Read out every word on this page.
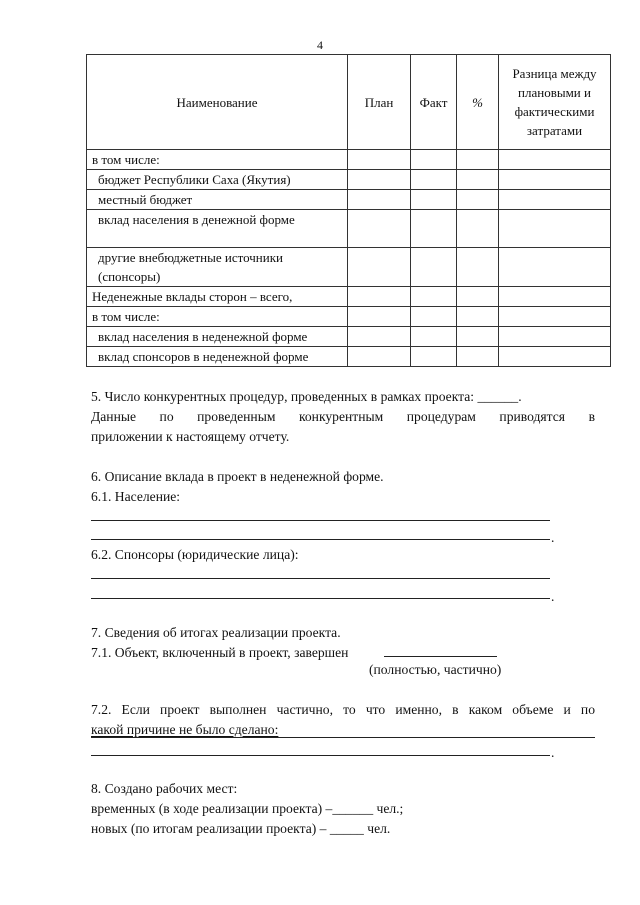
4
Наименование	План	Факт	%	Разница между плановыми и фактическими затратами
в том числе:				
бюджет Республики Саха (Якутия)				
местный бюджет				
вклад населения в денежной форме				
другие внебюджетные источники (спонсоры)				
Неденежные вклады сторон – всего,				
в том числе:				
вклад населения в неденежной форме				
вклад спонсоров в неденежной форме				
5. Число конкурентных процедур, проведенных в рамках проекта: ______.
Данные по проведенным конкурентным процедурам приводятся в
приложении к настоящему отчету.
6. Описание вклада в проект в неденежной форме.
6.1. Население:
.
6.2. Спонсоры (юридические лица):
.
7. Сведения об итогах реализации проекта.
7.1. Объект, включенный в проект, завершен
(полностью, частично)
7.2. Если проект выполнен частично, то что именно, в каком объеме и по
какой причине не было сделано:
.
8. Создано рабочих мест:
временных (в ходе реализации проекта) –______ чел.;
новых (по итогам реализации проекта) – _____ чел.
